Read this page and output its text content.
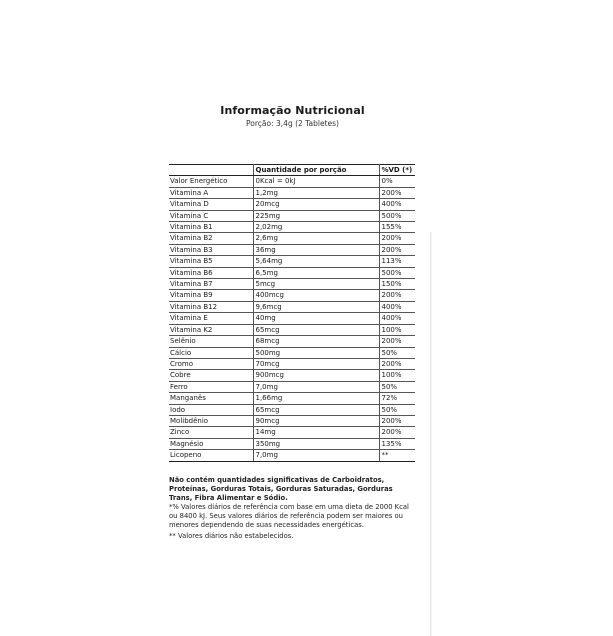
Informação Nutricional
Porção: 3,4g (2 Tabletes)
	Quantidade por porção	%VD (*)
Valor Energético	0Kcal = 0kJ	0%
Vitamina A	1,2mg	200%
Vitamina D	20mcg	400%
Vitamina C	225mg	500%
Vitamina B1	2,02mg	155%
Vitamina B2	2,6mg	200%
Vitamina B3	36mg	200%
Vitamina B5	5,64mg	113%
Vitamina B6	6,5mg	500%
Vitamina B7	5mcg	150%
Vitamina B9	400mcg	200%
Vitamina B12	9,6mcg	400%
Vitamina E	40mg	400%
Vitamina K2	65mcg	100%
Selênio	68mcg	200%
Cálcio	500mg	50%
Cromo	70mcg	200%
Cobre	900mcg	100%
Ferro	7,0mg	50%
Manganês	1,66mg	72%
Iodo	65mcg	50%
Molibdênio	90mcg	200%
Zinco	14mg	200%
Magnésio	350mg	135%
Licopeno	7,0mg	**
Não contém quantidades significativas de Carboidratos, Proteínas, Gorduras Totais, Gorduras Saturadas, Gorduras Trans, Fibra Alimentar e Sódio.
*% Valores diários de referência com base em uma dieta de 2000 Kcal ou 8400 kJ. Seus valores diários de referência podem ser maiores ou menores dependendo de suas necessidades energéticas.
** Valores diários não estabelecidos.
